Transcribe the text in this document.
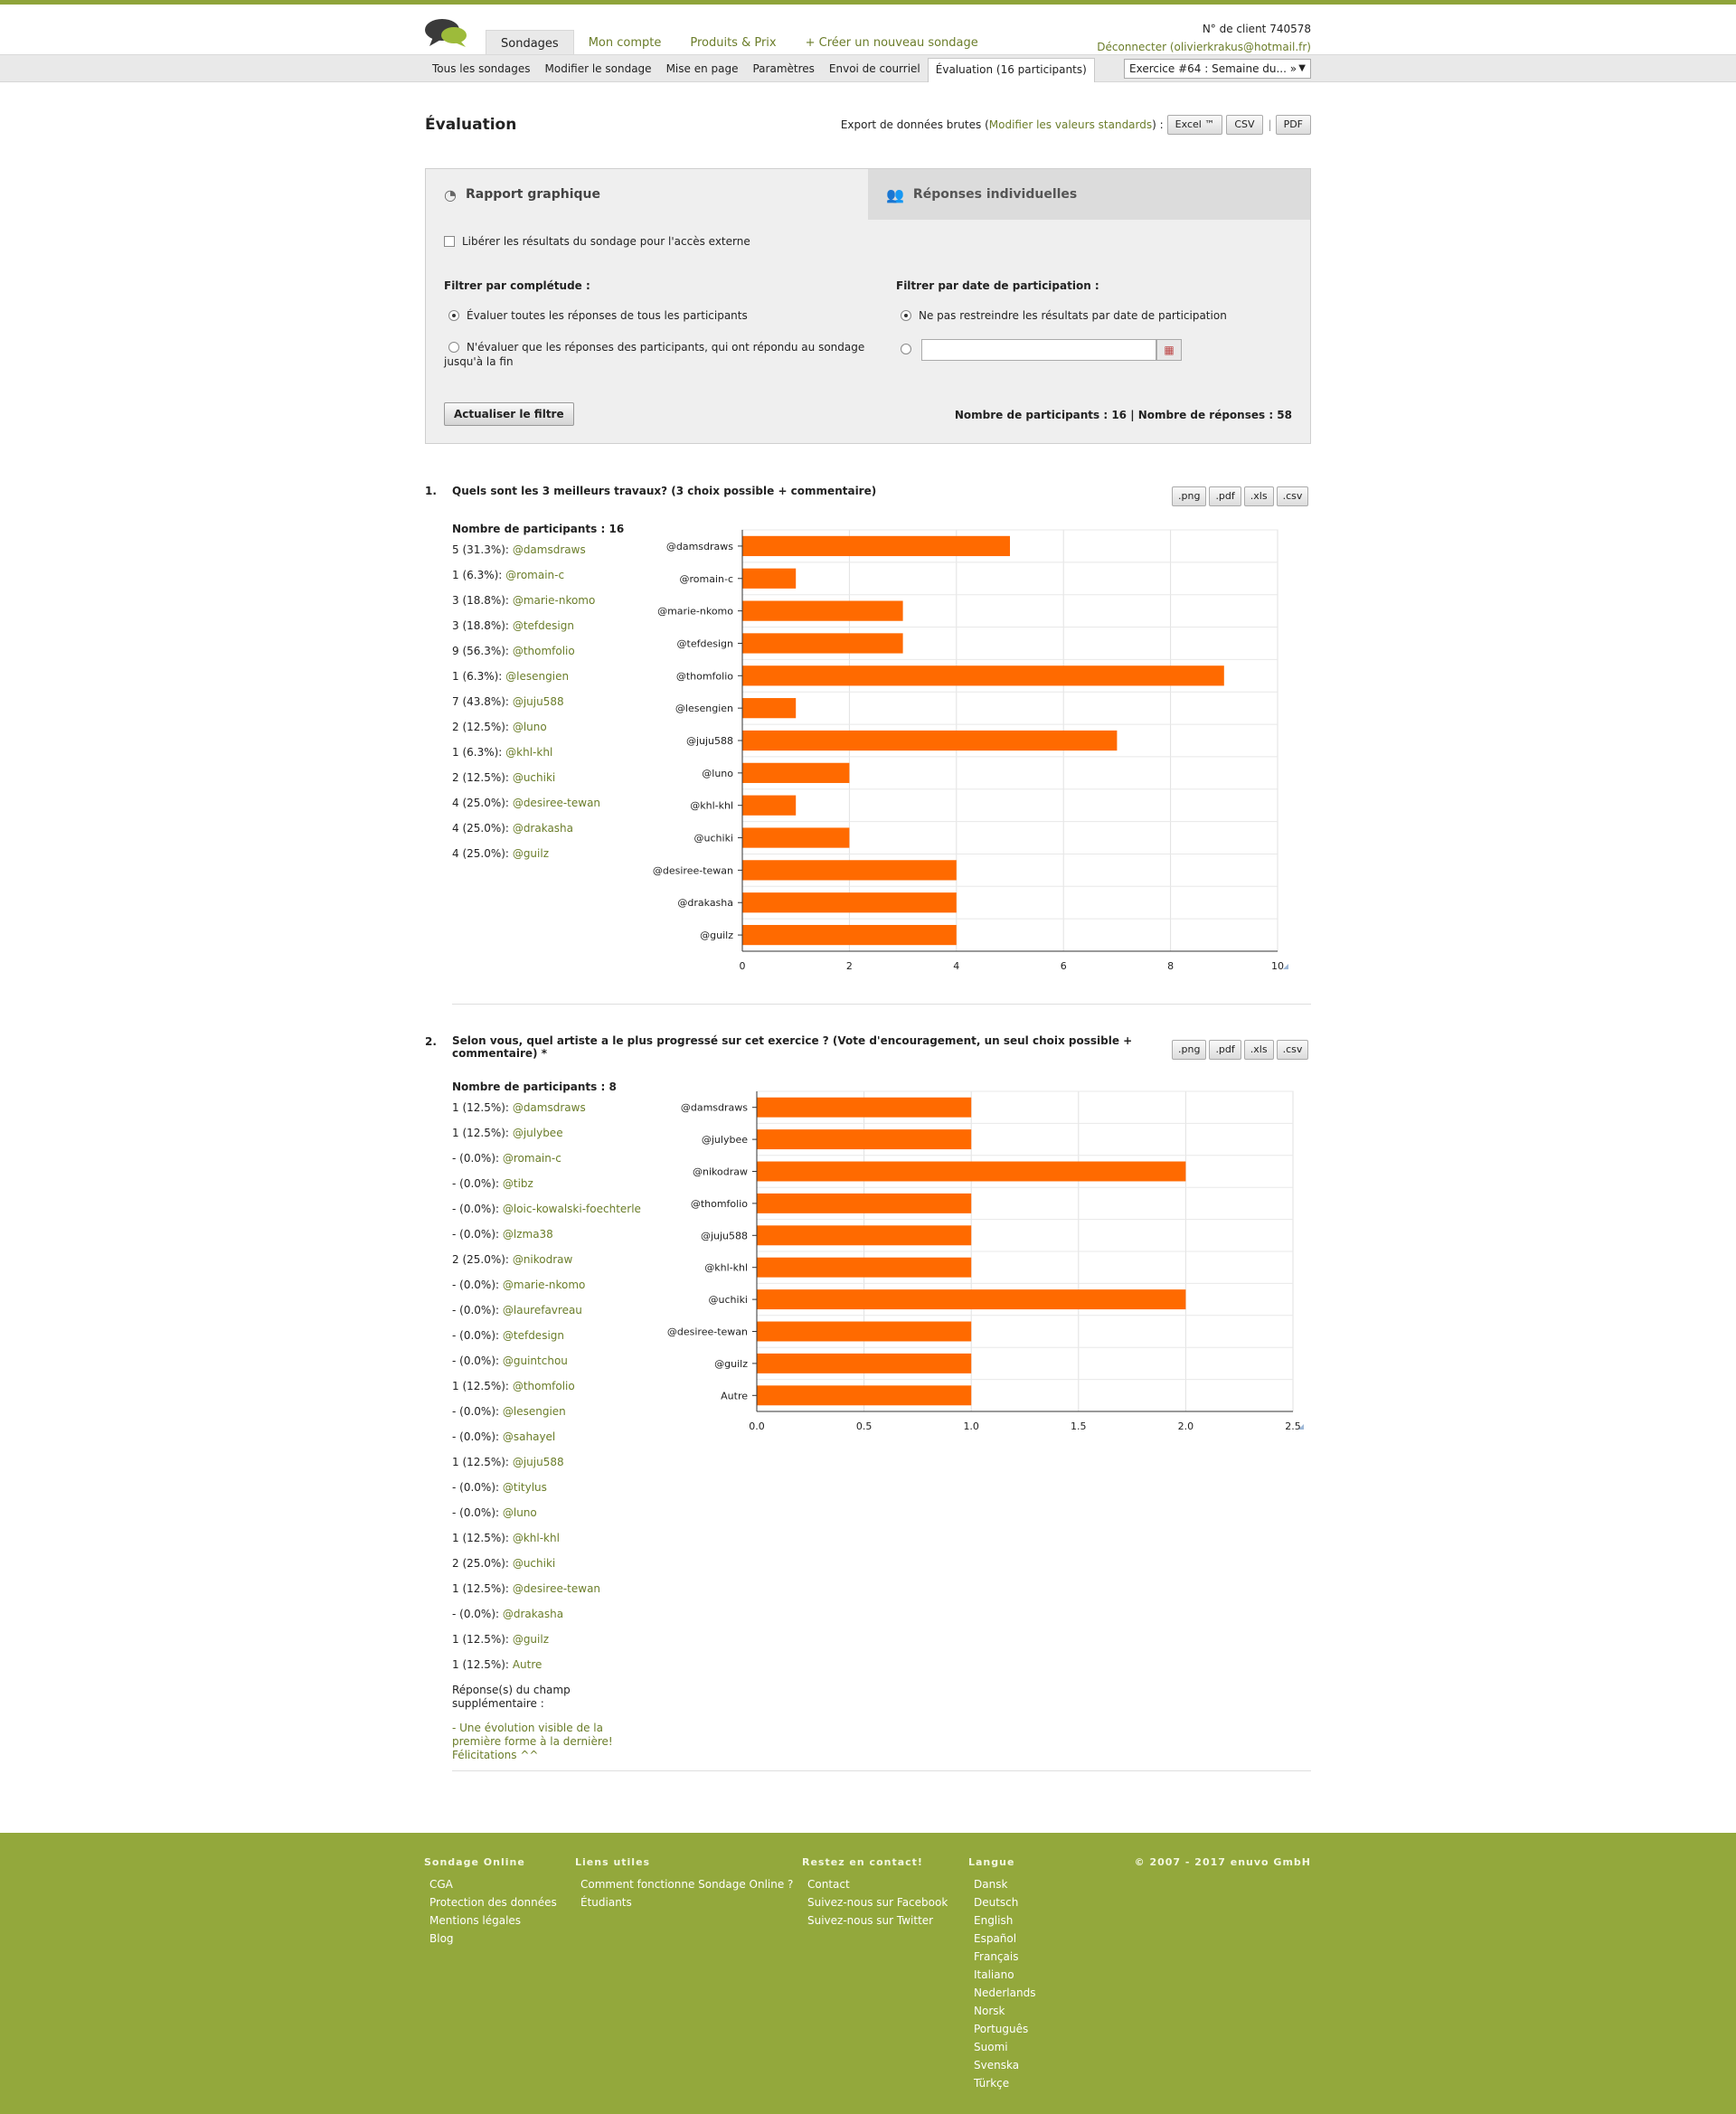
Sondages	Mon compte	Produits & Prix	+ Créer un nouveau sondage
N° de client 740578
Déconnecter (olivierkrakus@hotmail.fr)
Tous les sondages	Modifier le sondage	Mise en page	Paramètres	Envoi de courriel	Évaluation (16 participants)	Exercice #64 : Semaine du... » ▼
Évaluation	Export de données brutes ( Modifier les valeurs standards ) :	Excel ™	CSV	|	PDF
◔ Rapport graphique	👥 Réponses individuelles
Libérer les résultats du sondage pour l'accès externe
Filtrer par complétude :
Évaluer toutes les réponses de tous les participants
N'évaluer que les réponses des participants, qui ont répondu au sondage jusqu'à la fin
Filtrer par date de participation :
Ne pas restreindre les résultats par date de participation
▦
Actualiser le filtre	Nombre de participants : 16 | Nombre de réponses : 58
1. Quels sont les 3 meilleurs travaux? (3 choix possible + commentaire)	.png	.pdf	.xls	.csv
Nombre de participants : 16
5 (31.3%): @damsdraws
1 (6.3%): @romain-c
3 (18.8%): @marie-nkomo
3 (18.8%): @tefdesign
9 (56.3%): @thomfolio
1 (6.3%): @lesengien
7 (43.8%): @juju588
2 (12.5%): @luno
1 (6.3%): @khl-khl
2 (12.5%): @uchiki
4 (25.0%): @desiree-tewan
4 (25.0%): @drakasha
4 (25.0%): @guilz
0	2	4	6	8	10
@damsdraws
@romain-c
@marie-nkomo
@tefdesign
@thomfolio
@lesengien
@juju588
@luno
@khl-khl
@uchiki
@desiree-tewan
@drakasha
@guilz
2. Selon vous, quel artiste a le plus progressé sur cet exercice ? (Vote d'encouragement, un seul choix possible + commentaire) *	.png	.pdf	.xls	.csv
Nombre de participants : 8
1 (12.5%): @damsdraws
1 (12.5%): @julybee
- (0.0%): @romain-c
- (0.0%): @tibz
- (0.0%): @loic-kowalski-foechterle
- (0.0%): @lzma38
2 (25.0%): @nikodraw
- (0.0%): @marie-nkomo
- (0.0%): @laurefavreau
- (0.0%): @tefdesign
- (0.0%): @guintchou
1 (12.5%): @thomfolio
- (0.0%): @lesengien
- (0.0%): @sahayel
1 (12.5%): @juju588
- (0.0%): @titylus
- (0.0%): @luno
1 (12.5%): @khl-khl
2 (25.0%): @uchiki
1 (12.5%): @desiree-tewan
- (0.0%): @drakasha
1 (12.5%): @guilz
1 (12.5%): Autre
Réponse(s) du champ supplémentaire :
- Une évolution visible de la première forme à la dernière! Félicitations ^^
0.0	0.5	1.0	1.5	2.0	2.5
@damsdraws
@julybee
@nikodraw
@thomfolio
@juju588
@khl-khl
@uchiki
@desiree-tewan
@guilz
Autre
Sondage Online
CGA
Protection des données
Mentions légales
Blog
Liens utiles
Comment fonctionne Sondage Online ?
Étudiants
Restez en contact!
Contact
Suivez-nous sur Facebook
Suivez-nous sur Twitter
Langue
Dansk
Deutsch
English
Español
Français
Italiano
Nederlands
Norsk
Português
Suomi
Svenska
Türkçe
© 2007 - 2017 enuvo GmbH
